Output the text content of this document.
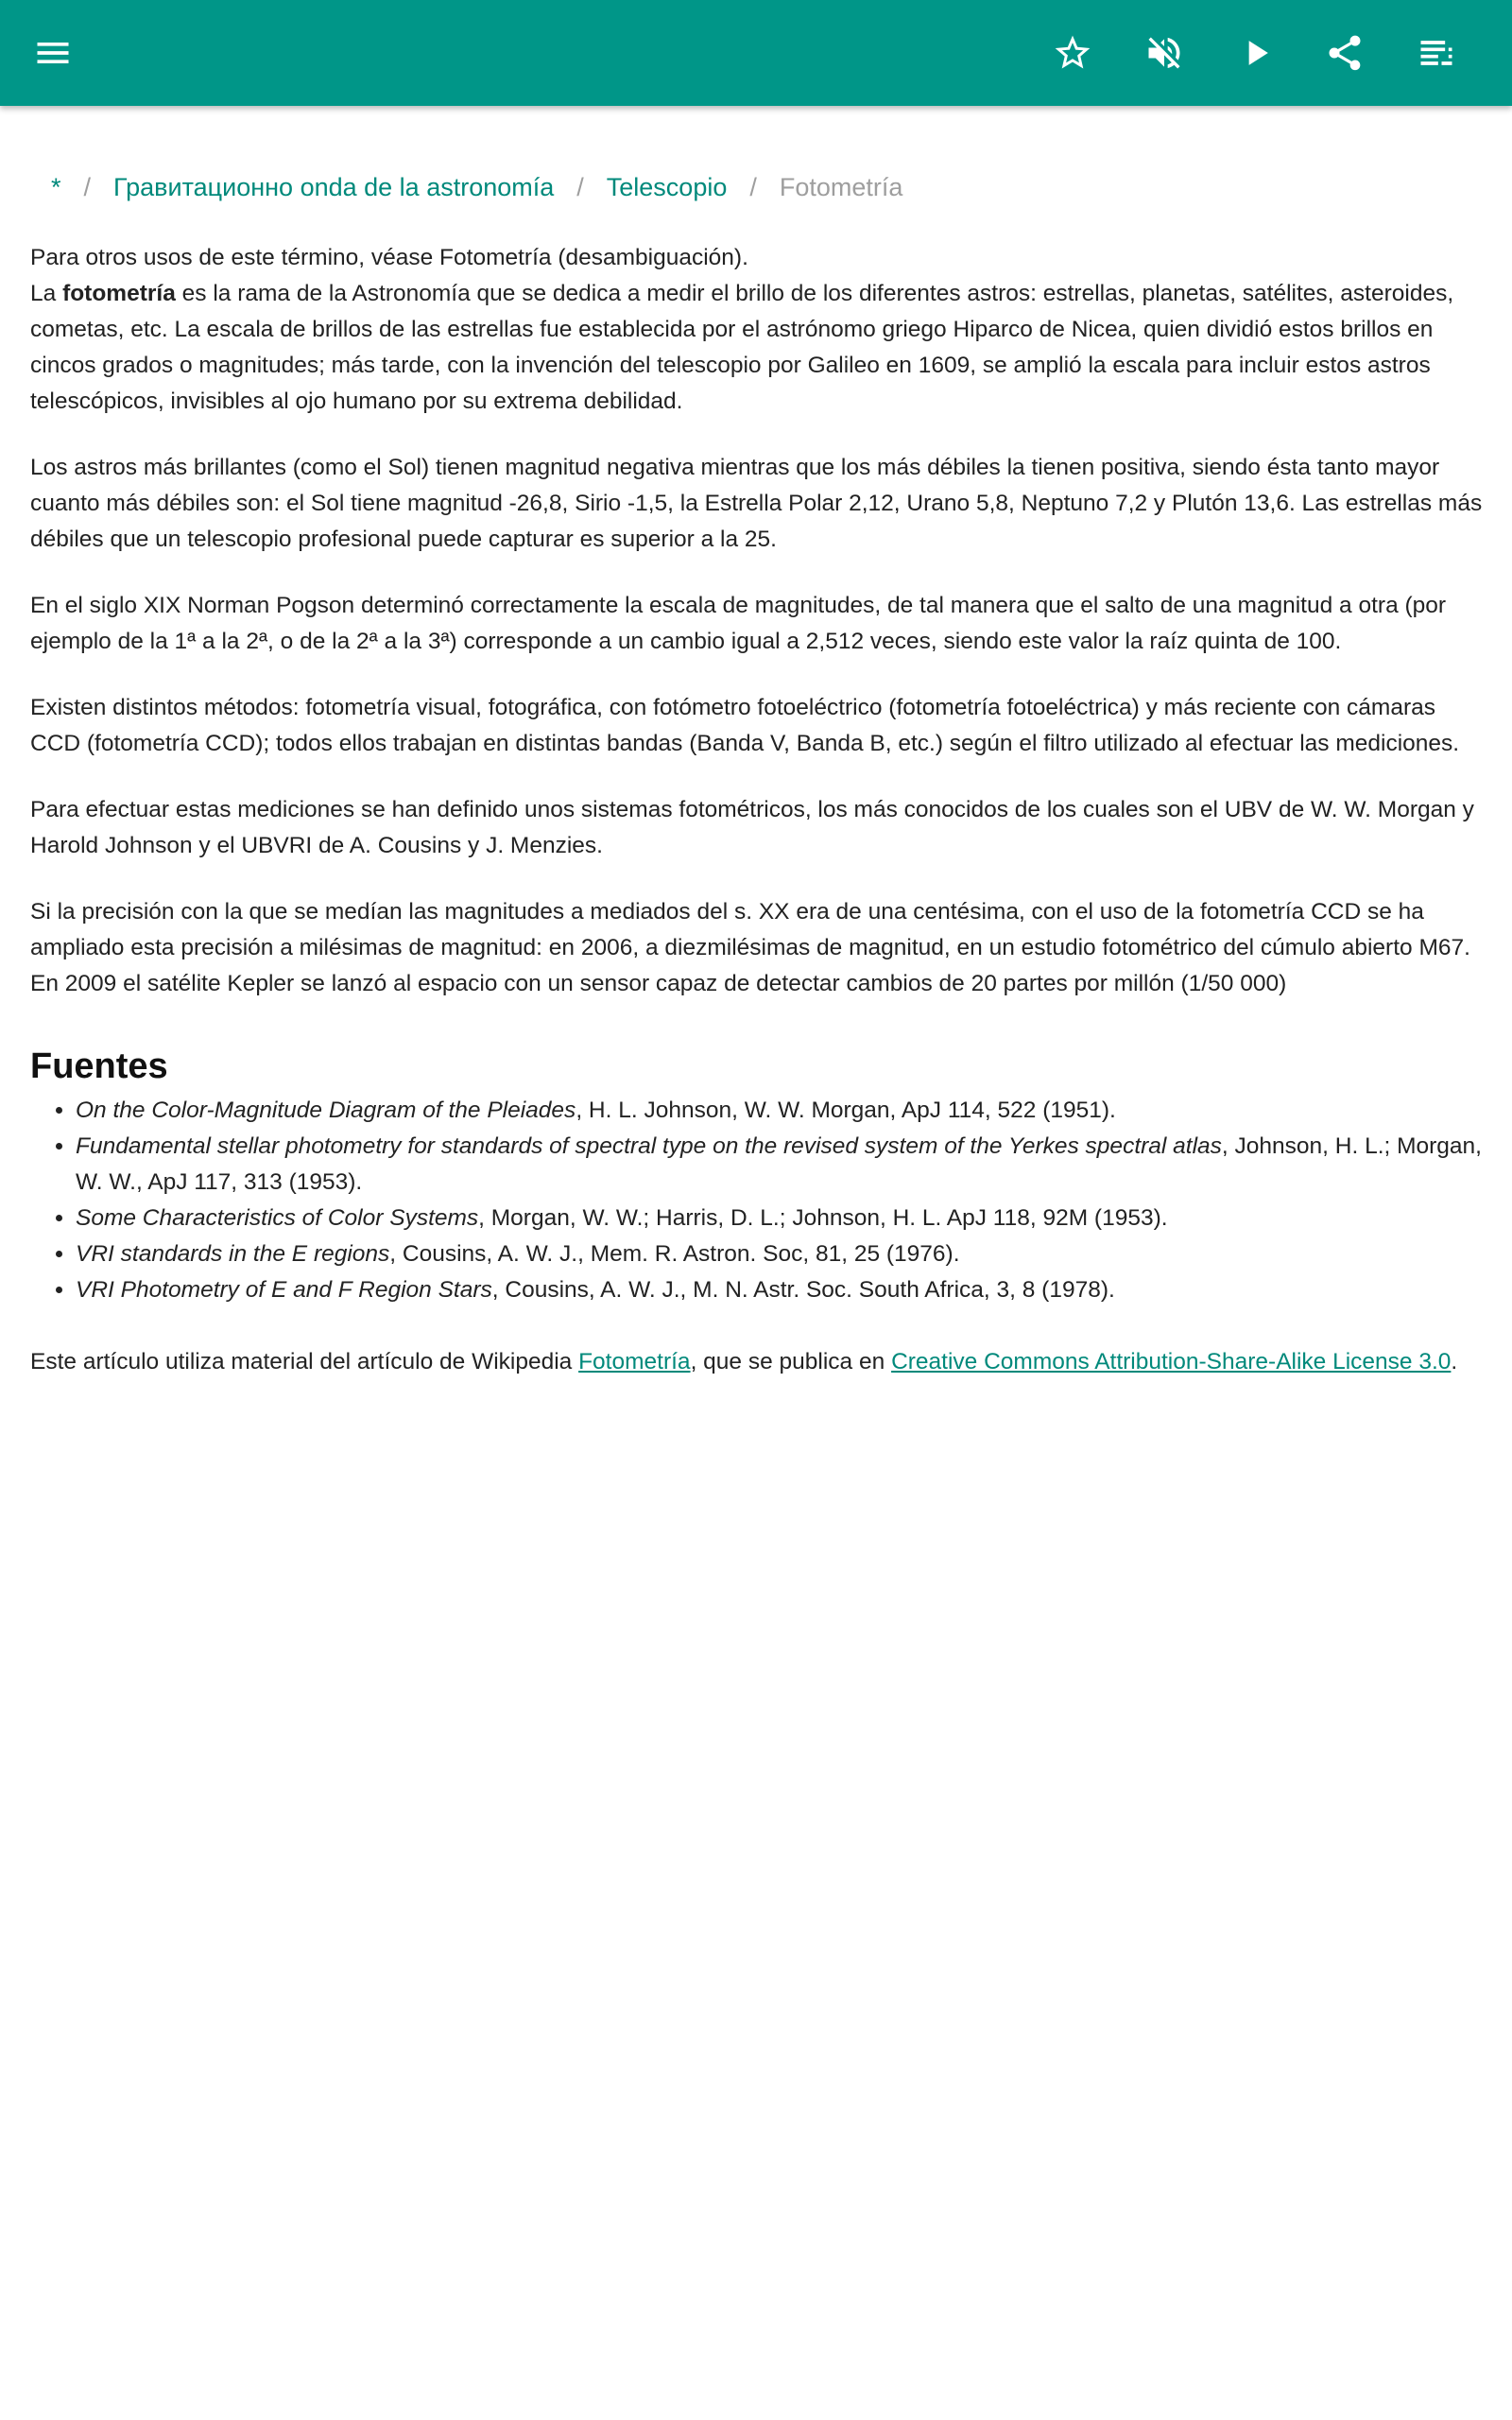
* / Гравитационно onda de la astronomía / Telescopio / Fotometría

Para otros usos de este término, véase Fotometría (desambiguación).

La fotometría es la rama de la Astronomía que se dedica a medir el brillo de los diferentes astros: estrellas, planetas, satélites, asteroides, cometas, etc. La escala de brillos de las estrellas fue establecida por el astrónomo griego Hiparco de Nicea, quien dividió estos brillos en cincos grados o magnitudes; más tarde, con la invención del telescopio por Galileo en 1609, se amplió la escala para incluir estos astros telescópicos, invisibles al ojo humano por su extrema debilidad.

Los astros más brillantes (como el Sol) tienen magnitud negativa mientras que los más débiles la tienen positiva, siendo ésta tanto mayor cuanto más débiles son: el Sol tiene magnitud -26,8, Sirio -1,5, la Estrella Polar 2,12, Urano 5,8, Neptuno 7,2 y Plutón 13,6. Las estrellas más débiles que un telescopio profesional puede capturar es superior a la 25.

En el siglo XIX Norman Pogson determinó correctamente la escala de magnitudes, de tal manera que el salto de una magnitud a otra (por ejemplo de la 1ª a la 2ª, o de la 2ª a la 3ª) corresponde a un cambio igual a 2,512 veces, siendo este valor la raíz quinta de 100.

Existen distintos métodos: fotometría visual, fotográfica, con fotómetro fotoeléctrico (fotometría fotoeléctrica) y más reciente con cámaras CCD (fotometría CCD); todos ellos trabajan en distintas bandas (Banda V, Banda B, etc.) según el filtro utilizado al efectuar las mediciones.

Para efectuar estas mediciones se han definido unos sistemas fotométricos, los más conocidos de los cuales son el UBV de W. W. Morgan y Harold Johnson y el UBVRI de A. Cousins y J. Menzies.

Si la precisión con la que se medían las magnitudes a mediados del s. XX era de una centésima, con el uso de la fotometría CCD se ha ampliado esta precisión a milésimas de magnitud: en 2006, a diezmilésimas de magnitud, en un estudio fotométrico del cúmulo abierto M67. En 2009 el satélite Kepler se lanzó al espacio con un sensor capaz de detectar cambios de 20 partes por millón (1/50 000)

Fuentes
• On the Color-Magnitude Diagram of the Pleiades, H. L. Johnson, W. W. Morgan, ApJ 114, 522 (1951).
• Fundamental stellar photometry for standards of spectral type on the revised system of the Yerkes spectral atlas, Johnson, H. L.; Morgan, W. W., ApJ 117, 313 (1953).
• Some Characteristics of Color Systems, Morgan, W. W.; Harris, D. L.; Johnson, H. L. ApJ 118, 92M (1953).
• VRI standards in the E regions, Cousins, A. W. J., Mem. R. Astron. Soc, 81, 25 (1976).
• VRI Photometry of E and F Region Stars, Cousins, A. W. J., M. N. Astr. Soc. South Africa, 3, 8 (1978).

Este artículo utiliza material del artículo de Wikipedia Fotometría, que se publica en Creative Commons Attribution-Share-Alike License 3.0.
